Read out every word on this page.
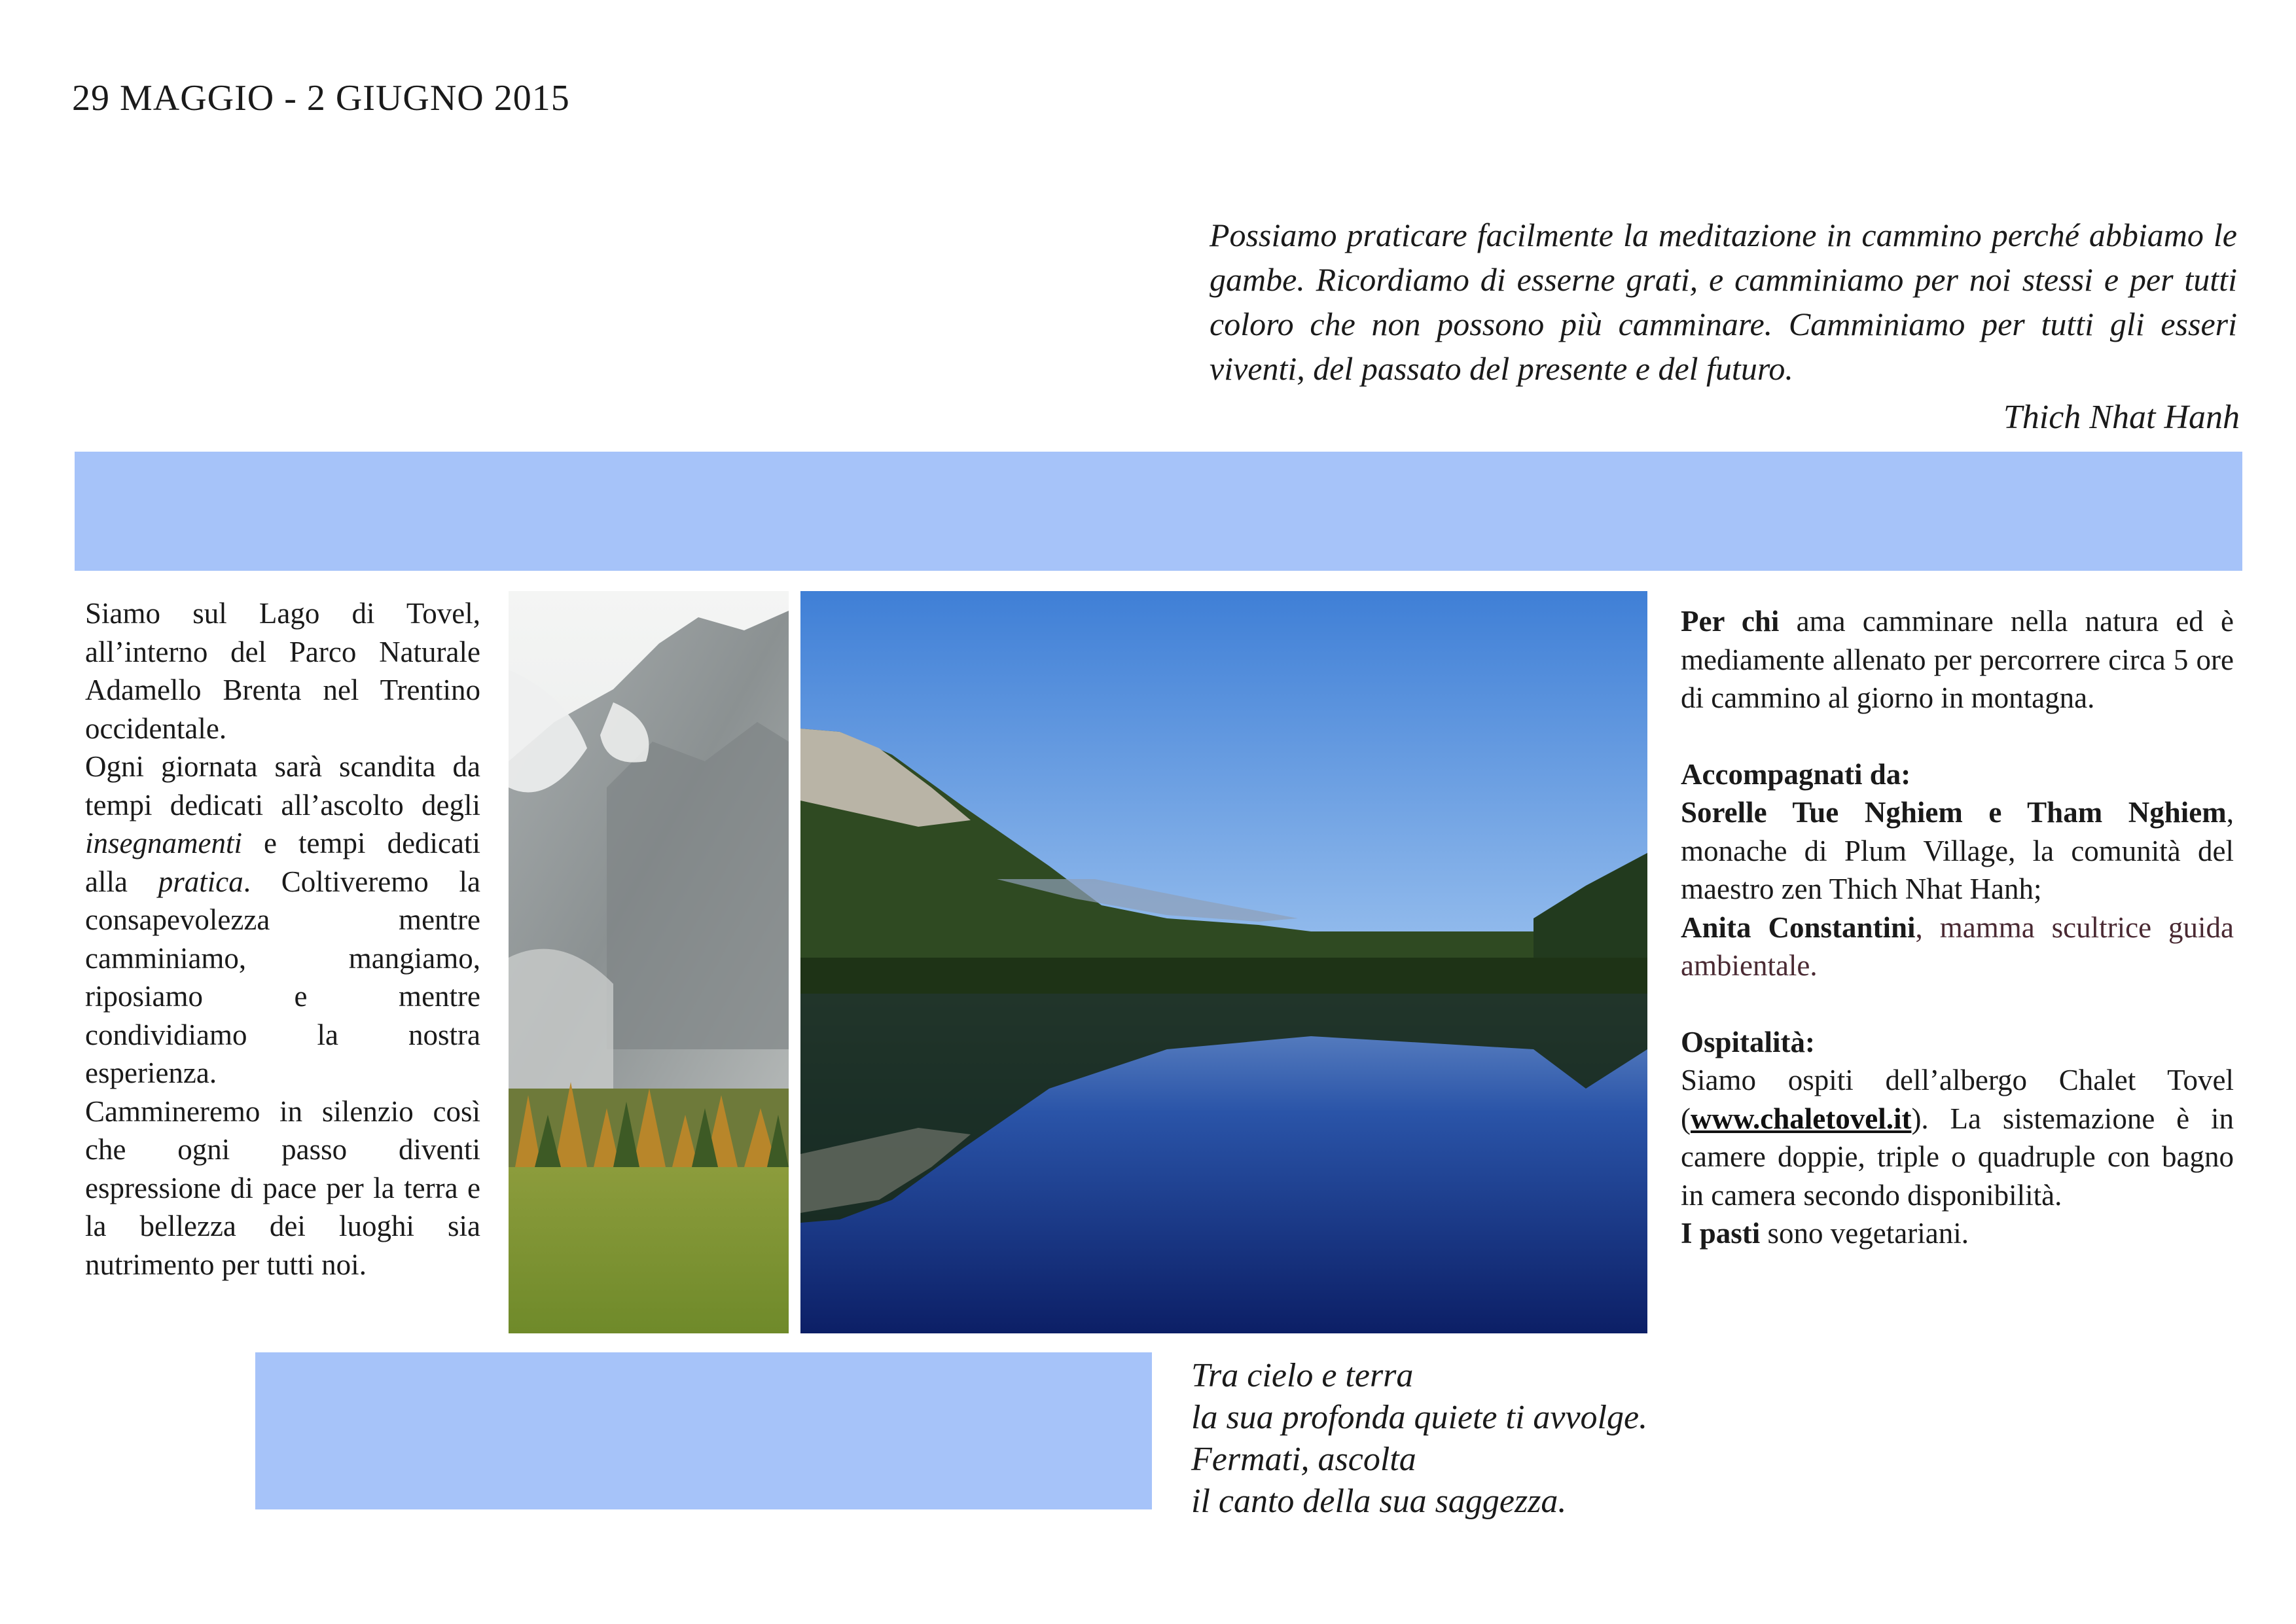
29 MAGGIO - 2 GIUGNO 2015

Possiamo praticare facilmente la meditazione in cammino perché abbiamo le gambe. Ricordiamo di esserne grati, e camminiamo per noi stessi e per tutti coloro che non possono più camminare. Camminiamo per tutti gli esseri viventi, del passato del presente e del futuro.

Thich Nhat Hanh

Siamo sul Lago di Tovel, all’interno del Parco Naturale Adamello Brenta nel Trentino occidentale.

Ogni giornata sarà scandita da tempi dedicati all’ascolto degli insegnamenti e tempi dedicati alla pratica. Coltiveremo la consapevolezza mentre camminiamo, mangiamo, riposiamo e mentre condividiamo la nostra esperienza.

Cammineremo in silenzio così che ogni passo diventi espressione di pace per la terra e la bellezza dei luoghi sia nutrimento per tutti noi.

Per chi ama camminare nella natura ed è mediamente allenato per percorrere circa 5 ore di cammino al giorno in montagna.

Accompagnati da:

Sorelle Tue Nghiem e Tham Nghiem, monache di Plum Village, la comunità del maestro zen Thich Nhat Hanh;

Anita Constantini, mamma scultrice guida ambientale.

Ospitalità:

Siamo ospiti dell’albergo Chalet Tovel (www.chaletovel.it). La sistemazione è in camere doppie, triple o quadruple con bagno in camera secondo disponibilità.

I pasti sono vegetariani.

Tra cielo e terra
la sua profonda quiete ti avvolge.
Fermati, ascolta
il canto della sua saggezza.
